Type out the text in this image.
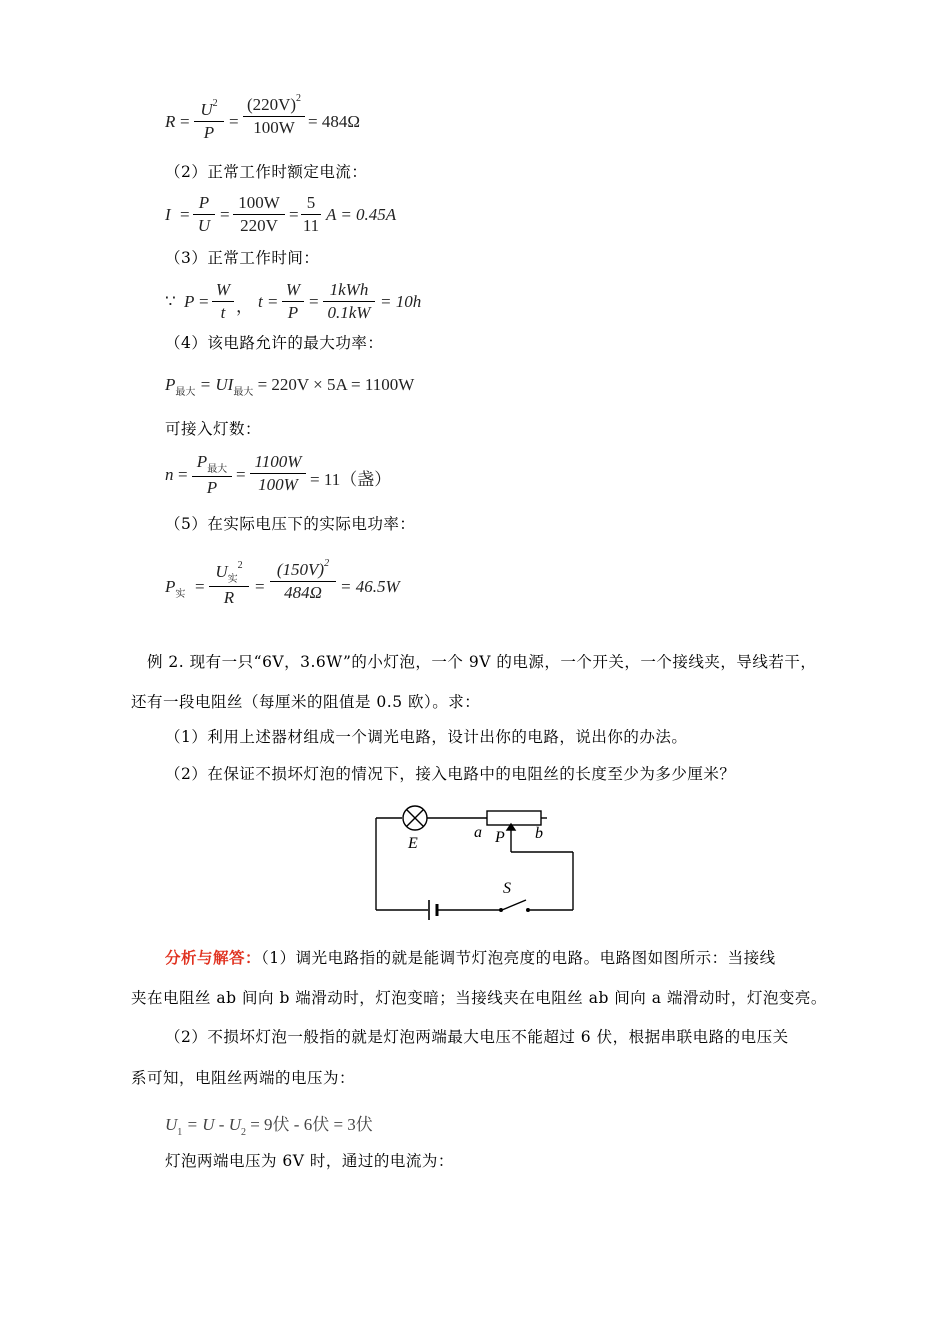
$R = \frac{U^2}{P} = \frac{(220V)^2}{100W} = 484\Omega$
（2）正常工作时额定电流：
$I = \frac{P}{U} = \frac{100W}{220V} = \frac{5}{11}$ A = 0.45A
（3）正常工作时间：
∵ $P = \frac{W}{t}$ ， $t = \frac{W}{P}$ =
1kWh
0.1kW
= 10h
（4）该电路允许的最大功率：
$P_{最大} = UI_{最大} = 220V \times 5A = 1100W$
可接入灯数：
n =
$P_{最大}$
P
= $\frac{1100W}{100W} = 11$（盏）
（5）在实际电压下的实际电功率：
$P_实$ =
$U_实^2$
R
= $\frac{(150V)^2}{484\Omega} = 46.5W$
例 2. 现有一只“6V，3.6W”的小灯泡，一个 9V 的电源，一个开关，一个接线夹，导线若干，
还有一段电阻丝（每厘米的阻值是 0.5 欧）。求：
（1）利用上述器材组成一个调光电路，设计出你的电路，说出你的办法。
（2）在保证不损坏灯泡的情况下，接入电路中的电阻丝的长度至少为多少厘米？
E
a P b
S
分析与解答：（1）调光电路指的就是能调节灯泡亮度的电路。电路图如图所示：当接线
夹在电阻丝 ab 间向 b 端滑动时，灯泡变暗；当接线夹在电阻丝 ab 间向 a 端滑动时，灯泡变亮。
（2）不损坏灯泡一般指的就是灯泡两端最大电压不能超过 6 伏，根据串联电路的电压关
系可知，电阻丝两端的电压为：
$U_1 = U - U_2 = 9$伏 - 6伏 = 3伏
灯泡两端电压为 6V 时，通过的电流为：
